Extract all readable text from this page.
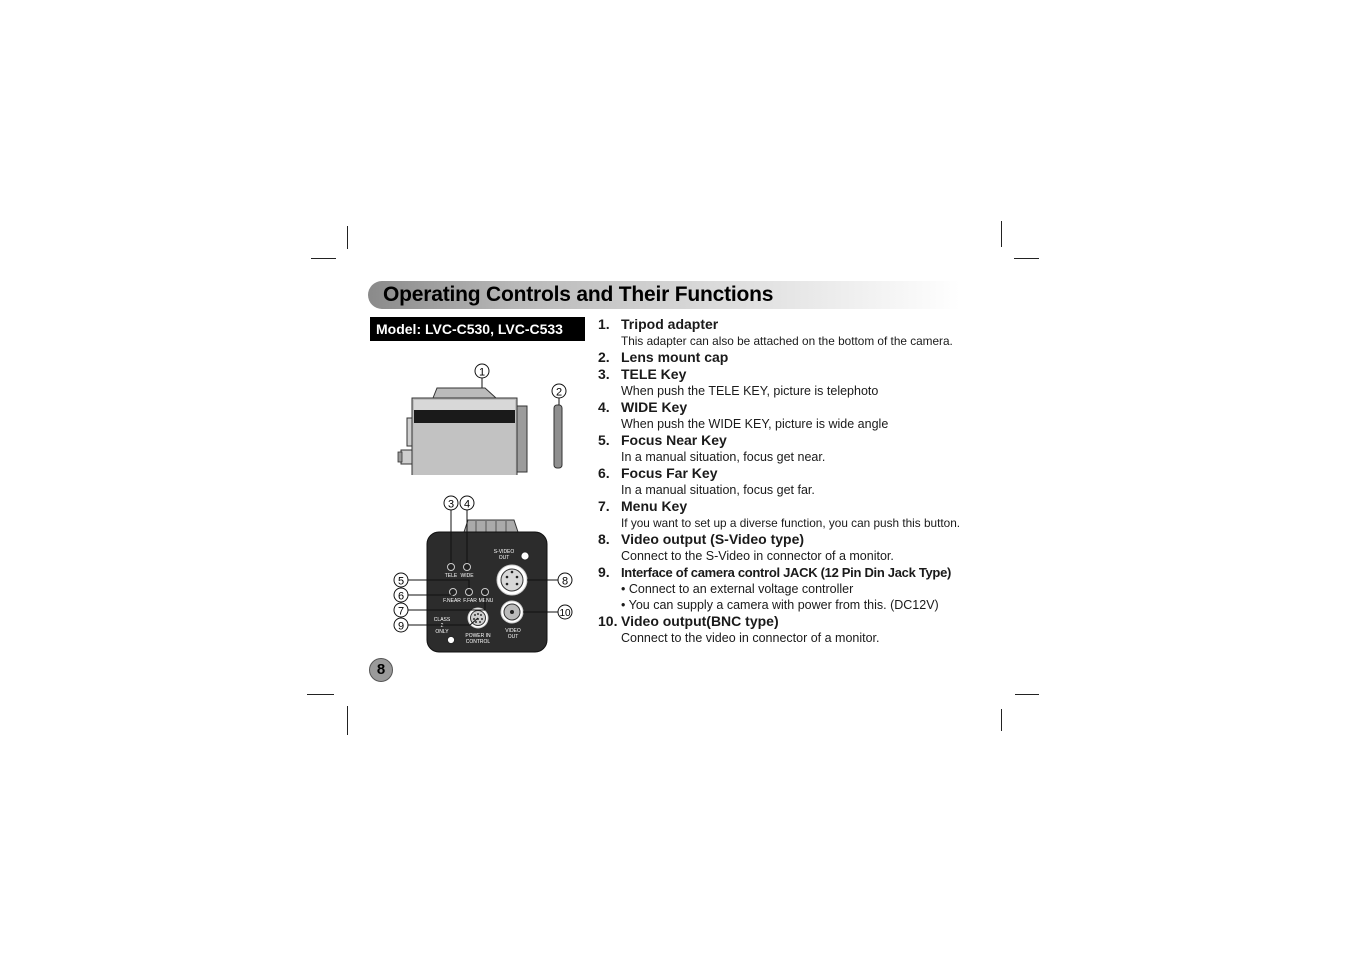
Operating Controls and Their Functions
Model: LVC-C530, LVC-C533
1
2
TELE WIDE
F.NEAR F.FAR MENU
S-VIDEO
OUT
VIDEO
OUT
POWER IN
CONTROL
CLASS
2
ONLY
3 4
5
6
7
8
9
10
8
1. Tripod adapter
This adapter can also be attached on the bottom of the camera.
2. Lens mount cap
3. TELE Key
When push the TELE KEY, picture is telephoto
4. WIDE Key
When push the WIDE KEY, picture is wide angle
5. Focus Near Key
In a manual situation, focus get near.
6. Focus Far Key
In a manual situation, focus get far.
7. Menu Key
If you want to set up a diverse function, you can push this button.
8. Video output (S-Video type)
Connect to the S-Video in connector of a monitor.
9. Interface of camera control JACK (12 Pin Din Jack Type)
• Connect to an external voltage controller
• You can supply a camera with power from this. (DC12V)
10. Video output(BNC type)
Connect to the video in connector of a monitor.
